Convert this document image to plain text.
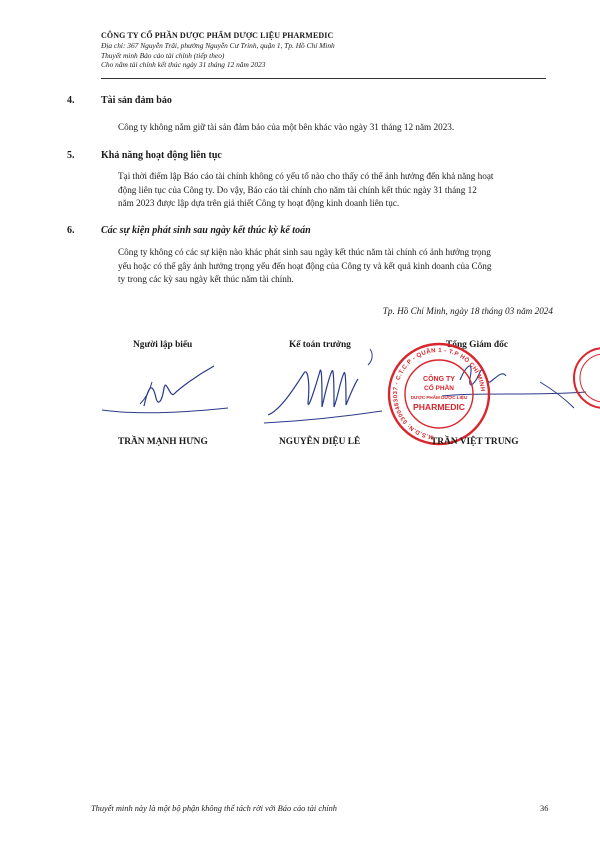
CÔNG TY CỔ PHẦN DƯỢC PHẨM DƯỢC LIỆU PHARMEDIC
Địa chỉ: 367 Nguyễn Trãi, phường Nguyễn Cư Trinh, quận 1, Tp. Hồ Chí Minh
Thuyết minh Báo cáo tài chính (tiếp theo)
Cho năm tài chính kết thúc ngày 31 tháng 12 năm 2023
4.	Tài sản đảm bảo
Công ty không nắm giữ tài sản đảm bảo của một bên khác vào ngày 31 tháng 12 năm 2023.
5.	Khả năng hoạt động liên tục
Tại thời điểm lập Báo cáo tài chính không có yếu tố nào cho thấy có thể ảnh hưởng đến khả năng hoạt
động liên tục của Công ty. Do vậy, Báo cáo tài chính cho năm tài chính kết thúc ngày 31 tháng 12
năm 2023 được lập dựa trên giả thiết Công ty hoạt động kinh doanh liên tục.
6.	Các sự kiện phát sinh sau ngày kết thúc kỳ kế toán
Công ty không có các sự kiện nào khác phát sinh sau ngày kết thúc năm tài chính có ảnh hưởng trọng
yếu hoặc có thể gây ảnh hưởng trọng yếu đến hoạt động của Công ty và kết quả kinh doanh của Công
ty trong các kỳ sau ngày kết thúc năm tài chính.
Tp. Hồ Chí Minh, ngày 18 tháng 03 năm 2024
Người lập biểu	Kế toán trưởng	Tổng Giám đốc
CÔNG TY
CỔ PHẦN
DƯỢC PHẨM DƯỢC LIỆU
PHARMEDIC
M.S.D.N: 0300483037 - C.T.C.P - QUẬN 1 - T.P HỒ CHÍ MINH
TRẦN MẠNH HƯNG	NGUYỄN DIỆU LÊ	TRẦN VIỆT TRUNG
Thuyết minh này là một bộ phận không thể tách rời với Báo cáo tài chính	36
